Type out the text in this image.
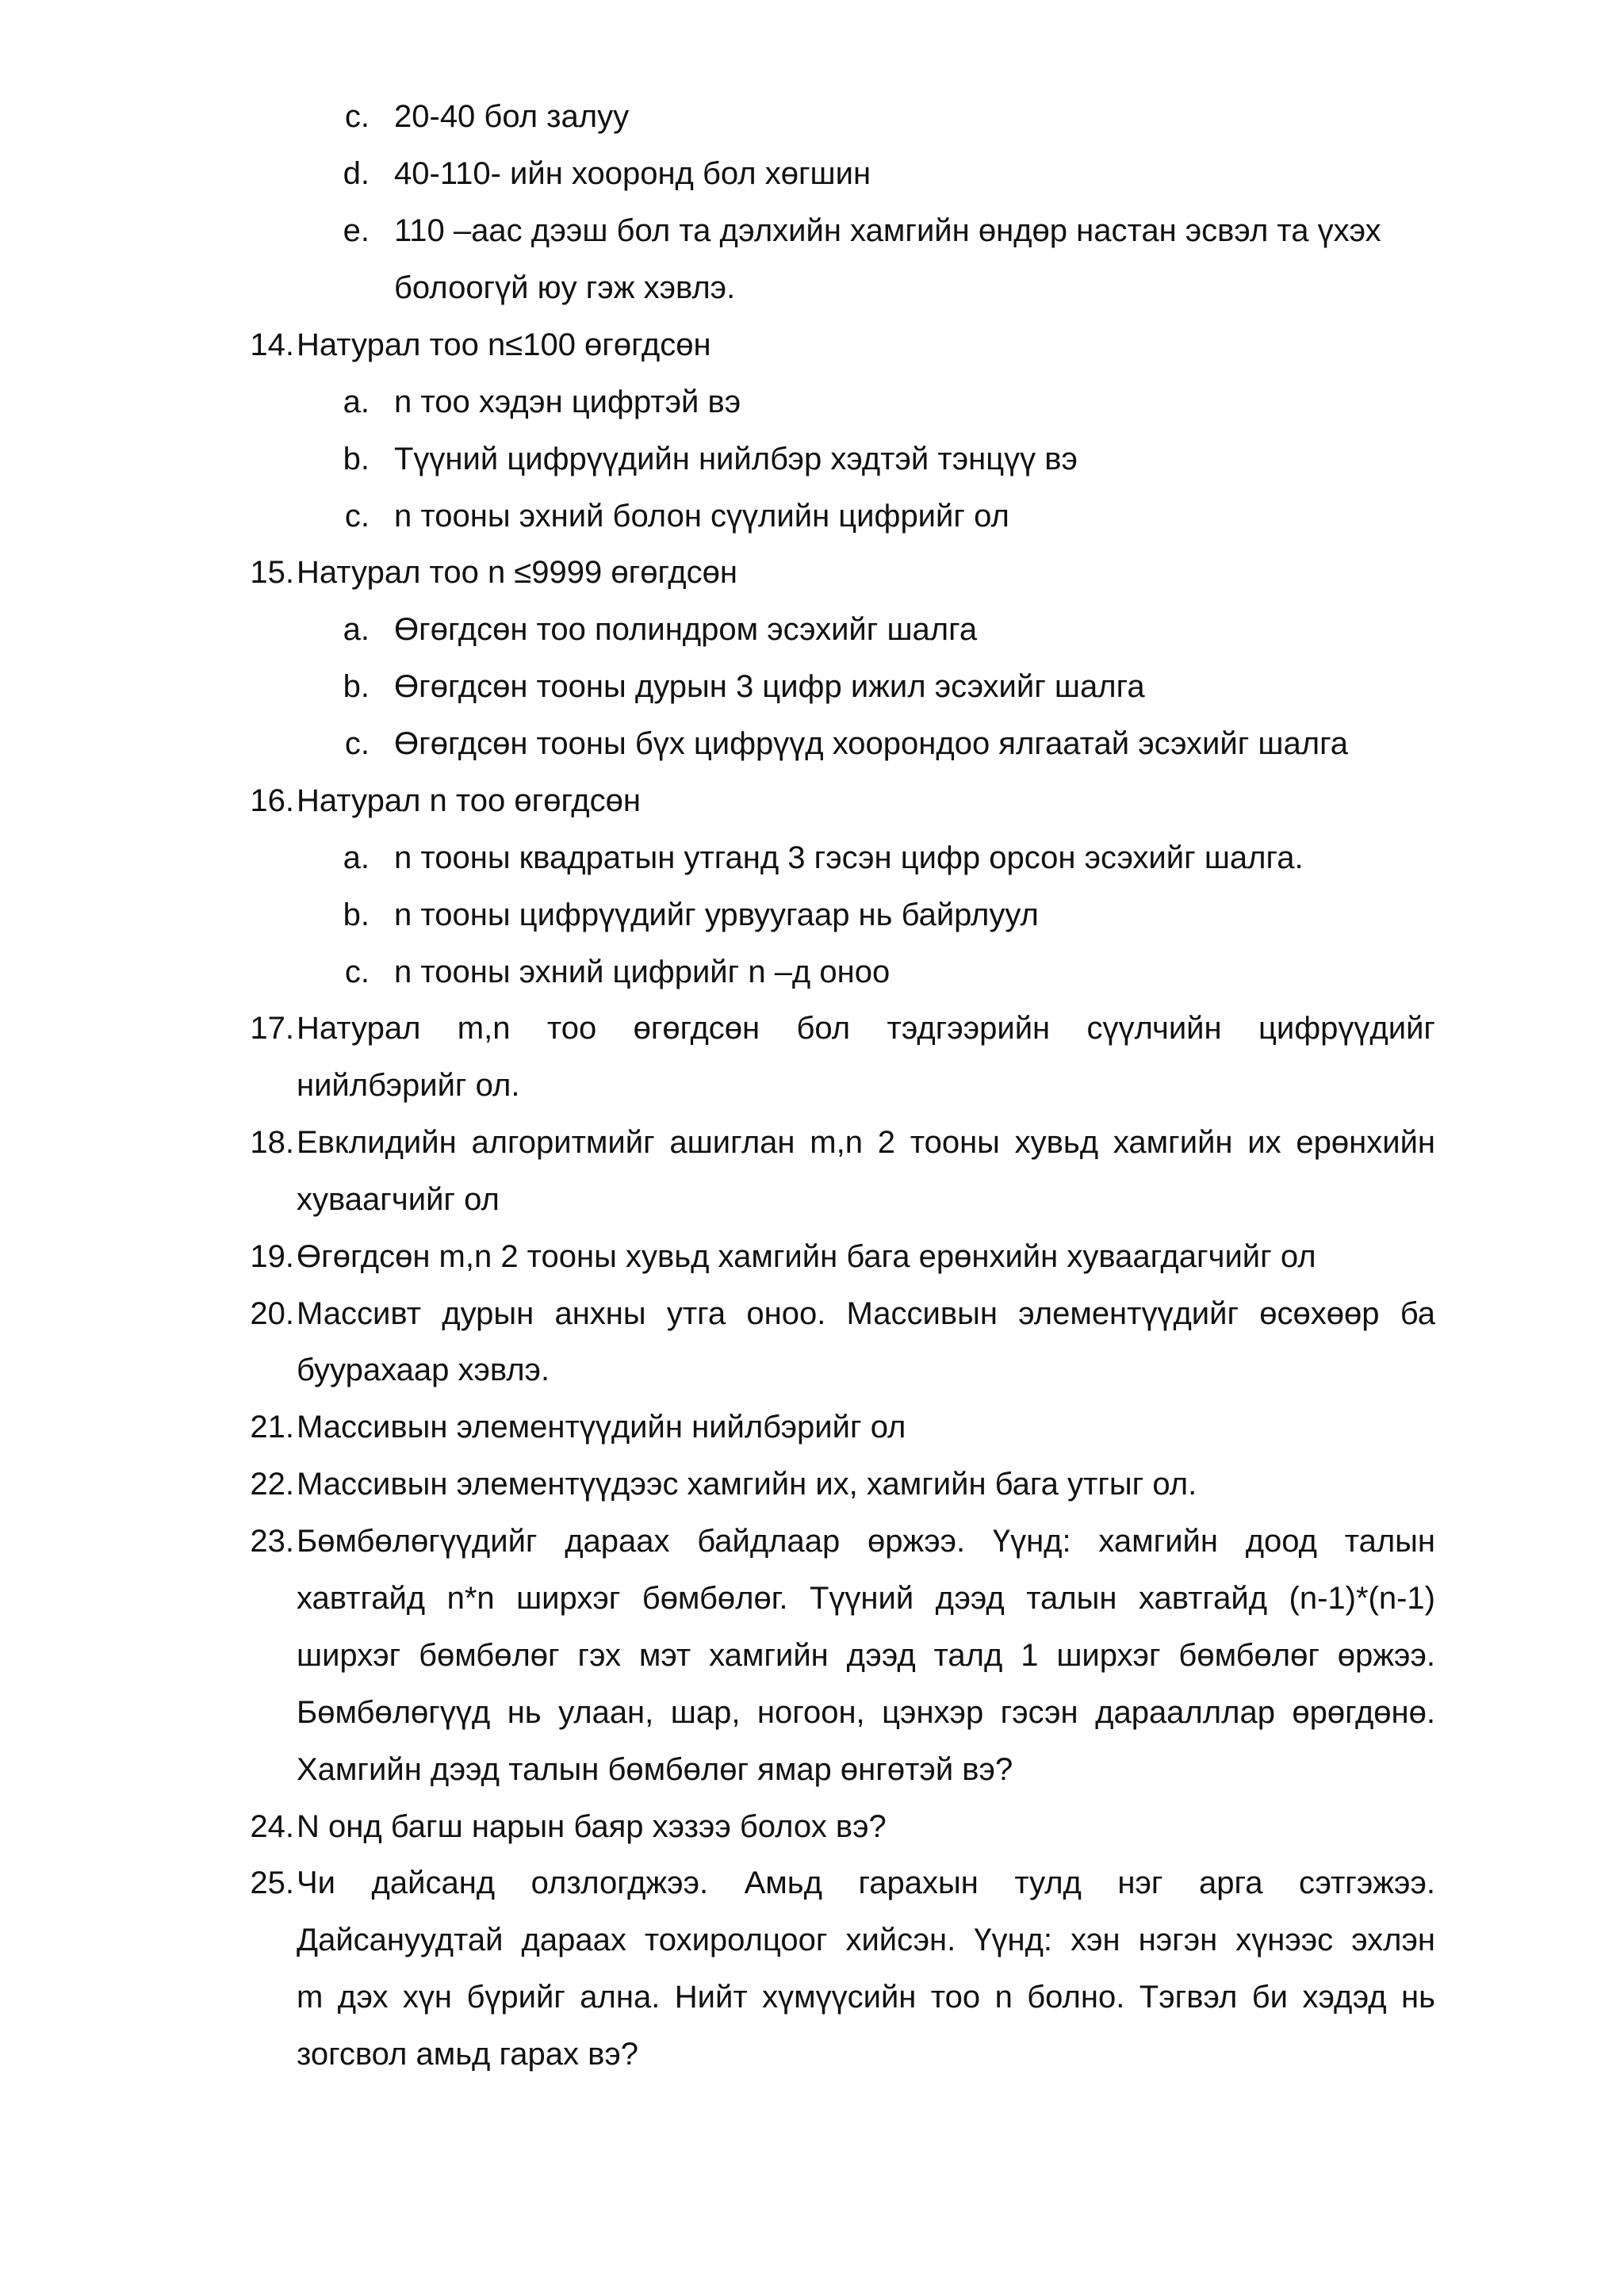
c. 20-40 бол залуу
d. 40-110- ийн хооронд бол хөгшин
e. 110 –аас дээш бол та дэлхийн хамгийн өндөр настан эсвэл та үхэх
болоогүй юу гэж хэвлэ.
14. Натурал тоо n≤100 өгөгдсөн
a. n тоо хэдэн цифртэй вэ
b. Түүний цифрүүдийн нийлбэр хэдтэй тэнцүү вэ
c. n тооны эхний болон сүүлийн цифрийг ол
15. Натурал тоо n ≤9999 өгөгдсөн
a. Өгөгдсөн тоо полиндром эсэхийг шалга
b. Өгөгдсөн тооны дурын 3 цифр ижил эсэхийг шалга
c. Өгөгдсөн тооны бүх цифрүүд хоорондоо ялгаатай эсэхийг шалга
16. Натурал n тоо өгөгдсөн
a. n тооны квадратын утганд 3 гэсэн цифр орсон эсэхийг шалга.
b. n тооны цифрүүдийг урвуугаар нь байрлуул
c. n тооны эхний цифрийг n –д оноо
17. Натурал m,n тоо өгөгдсөн бол тэдгээрийн сүүлчийн цифрүүдийг
нийлбэрийг ол.
18. Евклидийн алгоритмийг ашиглан m,n 2 тооны хувьд хамгийн их ерөнхийн
хуваагчийг ол
19. Өгөгдсөн m,n 2 тооны хувьд хамгийн бага ерөнхийн хуваагдагчийг ол
20. Массивт дурын анхны утга оноо. Массивын элементүүдийг өсөхөөр ба
буурахаар хэвлэ.
21. Массивын элементүүдийн нийлбэрийг ол
22. Массивын элементүүдээс хамгийн их, хамгийн бага утгыг ол.
23. Бөмбөлөгүүдийг дараах байдлаар өржээ. Үүнд: хамгийн доод талын
хавтгайд n*n ширхэг бөмбөлөг. Түүний дээд талын хавтгайд (n-1)*(n-1)
ширхэг бөмбөлөг гэх мэт хамгийн дээд талд 1 ширхэг бөмбөлөг өржээ.
Бөмбөлөгүүд нь улаан, шар, ногоон, цэнхэр гэсэн дараалллар өрөгдөнө.
Хамгийн дээд талын бөмбөлөг ямар өнгөтэй вэ?
24. N онд багш нарын баяр хэзээ болох вэ?
25. Чи дайсанд олзлогджээ. Амьд гарахын тулд нэг арга сэтгэжээ.
Дайсануудтай дараах тохиролцоог хийсэн. Үүнд: хэн нэгэн хүнээс эхлэн
m дэх хүн бүрийг ална. Нийт хүмүүсийн тоо n болно. Тэгвэл би хэдэд нь
зогсвол амьд гарах вэ?
